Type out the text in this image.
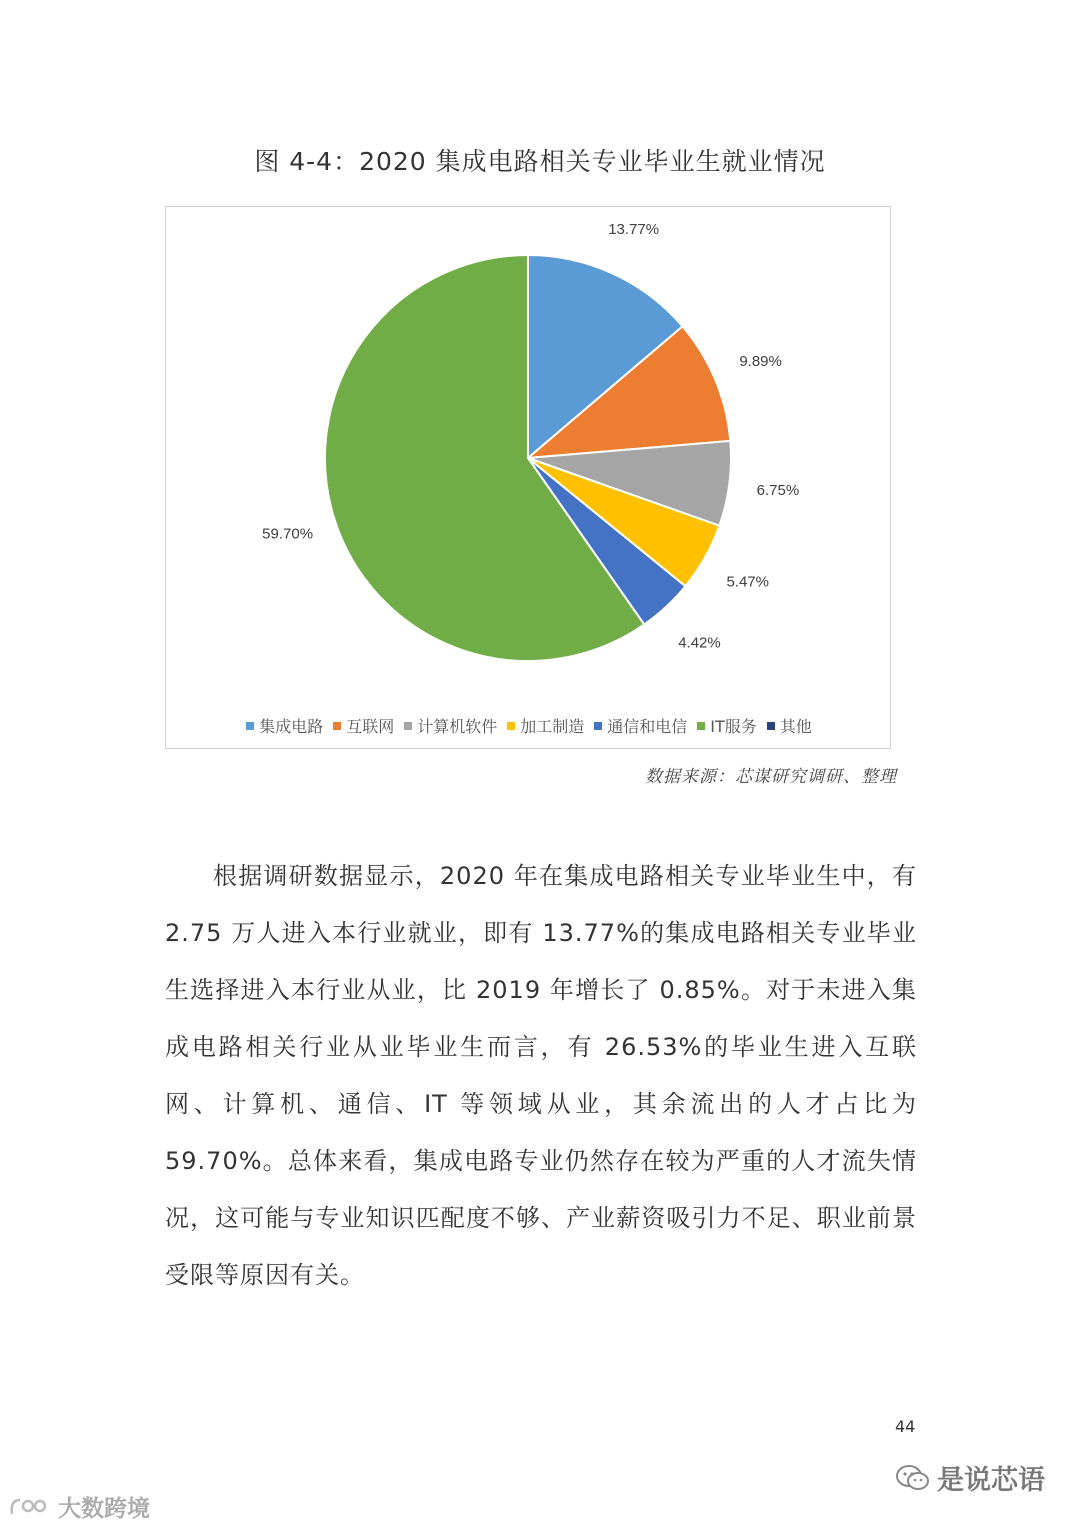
图 4-4：2020 集成电路相关专业毕业生就业情况
13.77%
9.89%
6.75%
5.47%
4.42%
59.70%
集成电路 互联网 计算机软件 加工制造 通信和电信 IT服务 其他
数据来源：芯谋研究调研、整理
根据调研数据显示，2020 年在集成电路相关专业毕业生中，有 2.75 万人进入本行业就业，即有 13.77%的集成电路相关专业毕业生选择进入本行业从业，比 2019 年增长了 0.85%。对于未进入集成电路相关行业从业毕业生而言，有 26.53%的毕业生进入互联网、计算机、通信、IT 等领域从业，其余流出的人才占比为 59.70%。总体来看，集成电路专业仍然存在较为严重的人才流失情况，这可能与专业知识匹配度不够、产业薪资吸引力不足、职业前景受限等原因有关。
44
是说芯语
大数跨境
